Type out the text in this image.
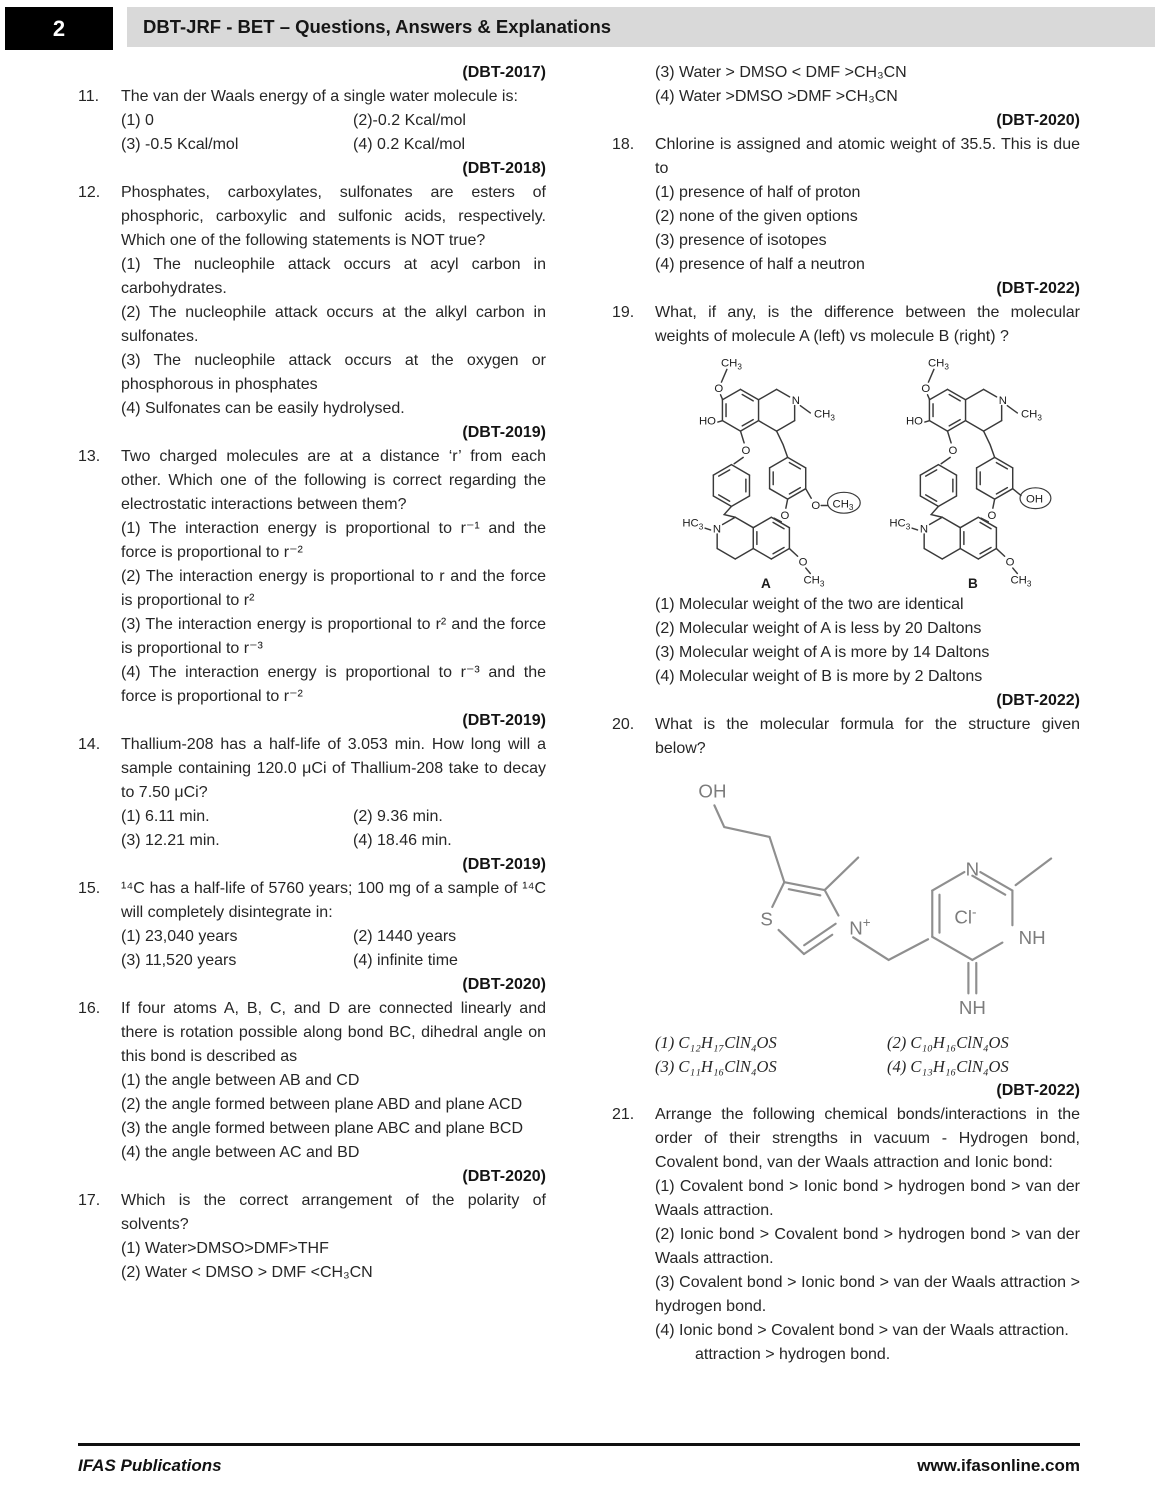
2	DBT-JRF - BET – Questions, Answers & Explanations
(DBT-2017)
11.	The van der Waals energy of a single water molecule is:
(1) 0	(2)-0.2 Kcal/mol
(3) -0.5 Kcal/mol	(4) 0.2 Kcal/mol
(DBT-2018)
12.	Phosphates, carboxylates, sulfonates are esters of phosphoric, carboxylic and sulfonic acids, respectively. Which one of the following statements is NOT true?
(1) The nucleophile attack occurs at acyl carbon in carbohydrates.
(2) The nucleophile attack occurs at the alkyl carbon in sulfonates.
(3) The nucleophile attack occurs at the oxygen or phosphorous in phosphates
(4) Sulfonates can be easily hydrolysed.
(DBT-2019)
13.	Two charged molecules are at a distance ‘r’ from each other. Which one of the following is correct regarding the electrostatic interactions between them?
(1) The interaction energy is proportional to r⁻¹ and the force is proportional to r⁻²
(2) The interaction energy is proportional to r and the force is proportional to r²
(3) The interaction energy is proportional to r² and the force is proportional to r⁻³
(4) The interaction energy is proportional to r⁻³ and the force is proportional to r⁻²
(DBT-2019)
14.	Thallium-208 has a half-life of 3.053 min. How long will a sample containing 120.0 μCi of Thallium-208 take to decay to 7.50 μCi?
(1) 6.11 min.	(2) 9.36 min.
(3) 12.21 min.	(4) 18.46 min.
(DBT-2019)
15.	¹⁴C has a half-life of 5760 years; 100 mg of a sample of ¹⁴C will completely disintegrate in:
(1) 23,040 years	(2) 1440 years
(3) 11,520 years	(4) infinite time
(DBT-2020)
16.	If four atoms A, B, C, and D are connected linearly and there is rotation possible along bond BC, dihedral angle on this bond is described as
(1) the angle between AB and CD
(2) the angle formed between plane ABD and plane ACD
(3) the angle formed between plane ABC and plane BCD
(4) the angle between AC and BD
(DBT-2020)
17.	Which is the correct arrangement of the polarity of solvents?
(1) Water>DMSO>DMF>THF
(2) Water < DMSO > DMF <CH₃CN
(3) Water > DMSO < DMF >CH₃CN
(4) Water >DMSO >DMF >CH₃CN
(DBT-2020)
18.	Chlorine is assigned and atomic weight of 35.5. This is due to
(1) presence of half of proton
(2) none of the given options
(3) presence of isotopes
(4) presence of half a neutron
(DBT-2022)
19.	What, if any, is the difference between the molecular weights of molecule A (left) vs molecule B (right) ?
$CH_3$
O
HO
N
$CH_3$
O
O
O $CH_3$
N
$HC_3$
O
$CH_3$
A
$CH_3$
O
HO
N
$CH_3$
O
O
OH
N
$HC_3$
O
$CH_3$
B
(1) Molecular weight of the two are identical
(2) Molecular weight of A is less by 20 Daltons
(3) Molecular weight of A is more by 14 Daltons
(4) Molecular weight of B is more by 2 Daltons
(DBT-2022)
20.	What is the molecular formula for the structure given below?
OH
S	N+
N
NH
NH
Cl-
(1) C₁₂H₁₇ClN₄OS	(2) C₁₀H₁₆ClN₄OS
(3) C₁₁H₁₆ClN₄OS	(4) C₁₃H₁₆ClN₄OS
(DBT-2022)
21.	Arrange the following chemical bonds/interactions in the order of their strengths in vacuum - Hydrogen bond, Covalent bond, van der Waals attraction and Ionic bond:
(1) Covalent bond > Ionic bond > hydrogen bond > van der Waals attraction.
(2) Ionic bond > Covalent bond > hydrogen bond > van der Waals attraction.
(3) Covalent bond > Ionic bond > van der Waals attraction > hydrogen bond.
(4) Ionic bond > Covalent bond > van der Waals attraction.
attraction > hydrogen bond.
IFAS Publications	www.ifasonline.com
